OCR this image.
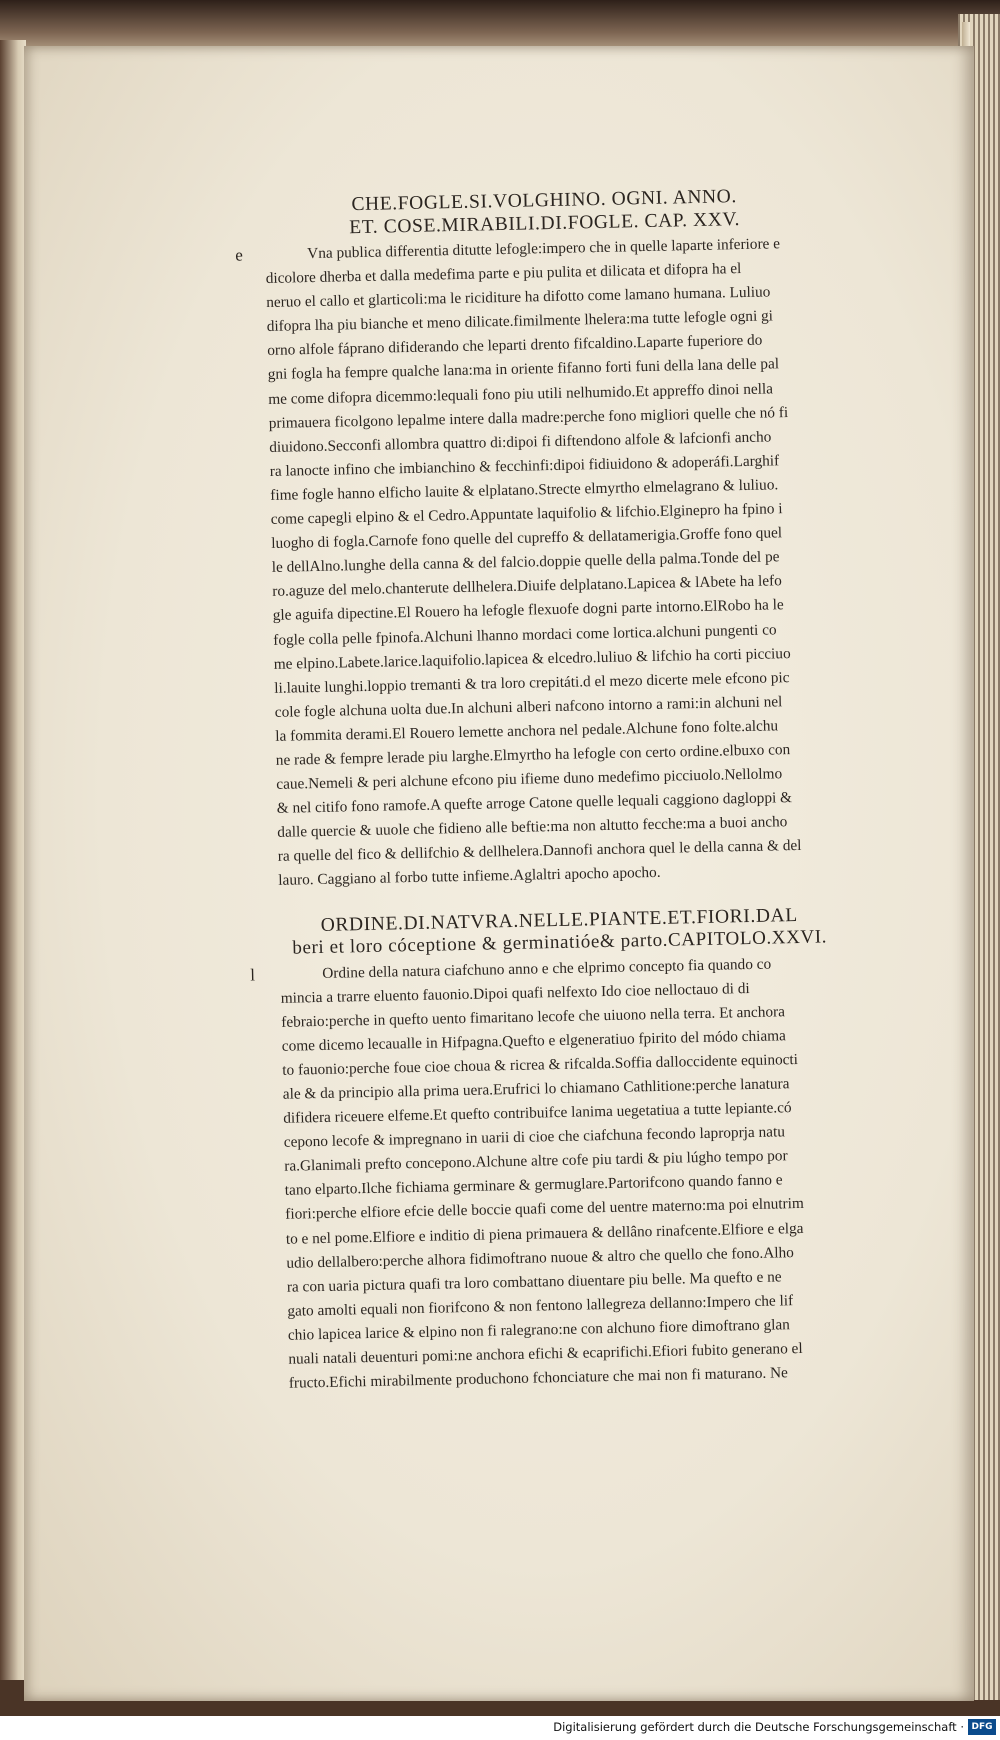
CHE.FOGLE.SI.VOLGHINO. OGNI. ANNO.
ET. COSE.MIRABILI.DI.FOGLE. CAP. XXV.
e	Vna publica differentia ditutte lefogle:impero che in quelle laparte inferiore e
dicolore dherba et dalla medefima parte e piu pulita et dilicata et difopra ha el
neruo el callo et glarticoli:ma le riciditure ha difotto come lamano humana. Luliuo
difopra lha piu bianche et meno dilicate.fimilmente lhelera:ma tutte lefogle ogni gi
orno alfole fáprano difiderando che leparti drento fifcaldino.Laparte fuperiore do
gni fogla ha fempre qualche lana:ma in oriente fifanno forti funi della lana delle pal
me come difopra dicemmo:lequali fono piu utili nelhumido.Et appreffo dinoi nella
primauera ficolgono lepalme intere dalla madre:perche fono migliori quelle che nó fi
diuidono.Secconfi allombra quattro di:dipoi fi diftendono alfole & lafcionfi ancho
ra lanocte infino che imbianchino & fecchinfi:dipoi fidiuidono & adoperáfi.Larghif
fime fogle hanno elficho lauite & elplatano.Strecte elmyrtho elmelagrano & luliuo.
come capegli elpino & el Cedro.Appuntate laquifolio & lifchio.Elginepro ha fpino i
luogho di fogla.Carnofe fono quelle del cupreffo & dellatamerigia.Groffe fono quel
le dellAlno.lunghe della canna & del falcio.doppie quelle della palma.Tonde del pe
ro.aguze del melo.chanterute dellhelera.Diuife delplatano.Lapicea & lAbete ha lefo
gle aguifa dipectine.El Rouero ha lefogle flexuofe dogni parte intorno.ElRobo ha le
fogle colla pelle fpinofa.Alchuni lhanno mordaci come lortica.alchuni pungenti co
me elpino.Labete.larice.laquifolio.lapicea & elcedro.luliuo & lifchio ha corti picciuo
li.lauite lunghi.loppio tremanti & tra loro crepitáti.d el mezo dicerte mele efcono pic
cole fogle alchuna uolta due.In alchuni alberi nafcono intorno a rami:in alchuni nel
la fommita derami.El Rouero lemette anchora nel pedale.Alchune fono folte.alchu
ne rade & fempre lerade piu larghe.Elmyrtho ha lefogle con certo ordine.elbuxo con
caue.Nemeli & peri alchune efcono piu ifieme duno medefimo picciuolo.Nellolmo
& nel citifo fono ramofe.A quefte arroge Catone quelle lequali caggiono dagloppi &
dalle quercie & uuole che fidieno alle beftie:ma non altutto fecche:ma a buoi ancho
ra quelle del fico & dellifchio & dellhelera.Dannofi anchora quel le della canna & del
lauro. Caggiano al forbo tutte infieme.Aglaltri apocho apocho.
ORDINE.DI.NATVRA.NELLE.PIANTE.ET.FIORI.DAL
beri et loro cóceptione & germinatióe& parto.CAPITOLO.XXVI.
l	Ordine della natura ciafchuno anno e che elprimo concepto fia quando co
mincia a trarre eluento fauonio.Dipoi quafi nelfexto Ido cioe nelloctauo di di
febraio:perche in quefto uento fimaritano lecofe che uiuono nella terra. Et anchora
come dicemo lecaualle in Hifpagna.Quefto e elgeneratiuo fpirito del módo chiama
to fauonio:perche foue cioe choua & ricrea & rifcalda.Soffia dalloccidente equinocti
ale & da principio alla prima uera.Erufrici lo chiamano Cathlitione:perche lanatura
difidera riceuere elfeme.Et quefto contribuifce lanima uegetatiua a tutte lepiante.có
cepono lecofe & impregnano in uarii di cioe che ciafchuna fecondo laproprja natu
ra.Glanimali prefto concepono.Alchune altre cofe piu tardi & piu lúgho tempo por
tano elparto.Ilche fichiama germinare & germuglare.Partorifcono quando fanno e
fiori:perche elfiore efcie delle boccie quafi come del uentre materno:ma poi elnutrim
to e nel pome.Elfiore e inditio di piena primauera & dellâno rinafcente.Elfiore e elga
udio dellalbero:perche alhora fidimoftrano nuoue & altro che quello che fono.Alho
ra con uaria pictura quafi tra loro combattano diuentare piu belle. Ma quefto e ne
gato amolti equali non fiorifcono & non fentono lallegreza dellanno:Impero che lif
chio lapicea larice & elpino non fi ralegrano:ne con alchuno fiore dimoftrano glan
nuali natali deuenturi pomi:ne anchora efichi & ecaprifichi.Efiori fubito generano el
fructo.Efichi mirabilmente produchono fchonciature che mai non fi maturano. Ne
Digitalisierung gefördert durch die Deutsche Forschungsgemeinschaft · DFG
